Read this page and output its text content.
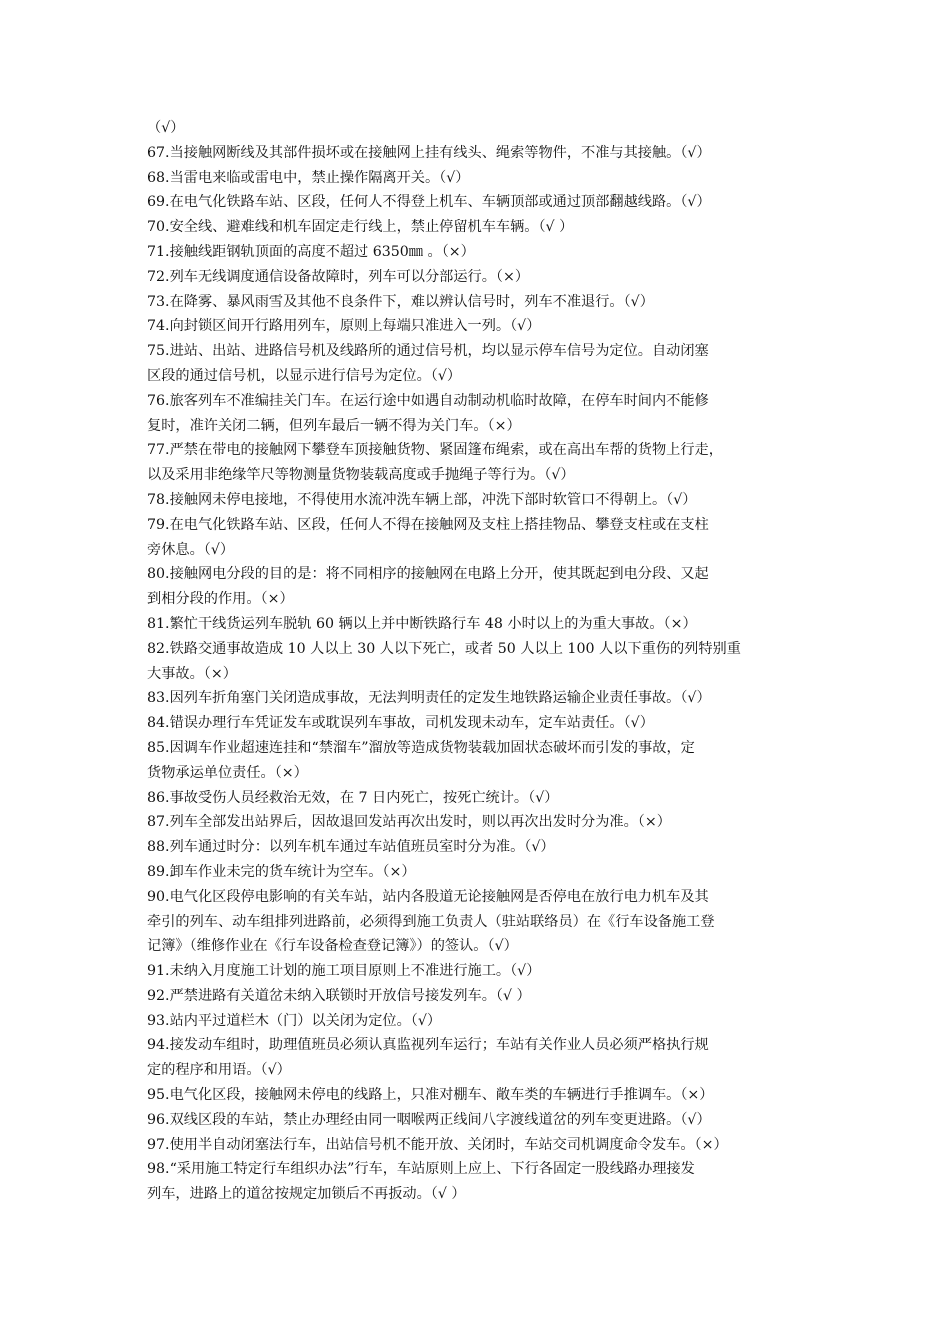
（√）
67.当接触网断线及其部件损坏或在接触网上挂有线头、绳索等物件，不准与其接触。（√）
68.当雷电来临或雷电中，禁止操作隔离开关。（√）
69.在电气化铁路车站、区段，任何人不得登上机车、车辆顶部或通过顶部翻越线路。（√）
70.安全线、避难线和机车固定走行线上，禁止停留机车车辆。（√ ）
71.接触线距钢轨顶面的高度不超过 6350㎜ 。（×）
72.列车无线调度通信设备故障时，列车可以分部运行。（×）
73.在降雾、暴风雨雪及其他不良条件下，难以辨认信号时，列车不准退行。（√）
74.向封锁区间开行路用列车，原则上每端只准进入一列。（√）
75.进站、出站、进路信号机及线路所的通过信号机，均以显示停车信号为定位。自动闭塞
区段的通过信号机，以显示进行信号为定位。（√）
76.旅客列车不准编挂关门车。在运行途中如遇自动制动机临时故障，在停车时间内不能修
复时，准许关闭二辆，但列车最后一辆不得为关门车。（×）
77.严禁在带电的接触网下攀登车顶接触货物、紧固篷布绳索，或在高出车帮的货物上行走，
以及采用非绝缘竿尺等物测量货物装载高度或手抛绳子等行为。（√）
78.接触网未停电接地，不得使用水流冲洗车辆上部，冲洗下部时软管口不得朝上。（√）
79.在电气化铁路车站、区段，任何人不得在接触网及支柱上搭挂物品、攀登支柱或在支柱
旁休息。（√）
80.接触网电分段的目的是：将不同相序的接触网在电路上分开，使其既起到电分段、又起
到相分段的作用。（×）
81.繁忙干线货运列车脱轨 60 辆以上并中断铁路行车 48 小时以上的为重大事故。（×）
82.铁路交通事故造成 10 人以上 30 人以下死亡，或者 50 人以上 100 人以下重伤的列特别重
大事故。（×）
83.因列车折角塞门关闭造成事故，无法判明责任的定发生地铁路运输企业责任事故。（√）
84.错误办理行车凭证发车或耽误列车事故，司机发现未动车，定车站责任。（√）
85.因调车作业超速连挂和“禁溜车”溜放等造成货物装载加固状态破坏而引发的事故，定
货物承运单位责任。（×）
86.事故受伤人员经救治无效，在 7 日内死亡，按死亡统计。（√）
87.列车全部发出站界后，因故退回发站再次出发时，则以再次出发时分为准。（×）
88.列车通过时分：以列车机车通过车站值班员室时分为准。（√）
89.卸车作业未完的货车统计为空车。（×）
90.电气化区段停电影响的有关车站，站内各股道无论接触网是否停电在放行电力机车及其
牵引的列车、动车组排列进路前，必须得到施工负责人（驻站联络员）在《行车设备施工登
记簿》（维修作业在《行车设备检查登记簿》）的签认。（√）
91.未纳入月度施工计划的施工项目原则上不准进行施工。（√）
92.严禁进路有关道岔未纳入联锁时开放信号接发列车。（√ ）
93.站内平过道栏木（门）以关闭为定位。（√）
94.接发动车组时，助理值班员必须认真监视列车运行；车站有关作业人员必须严格执行规
定的程序和用语。（√）
95.电气化区段，接触网未停电的线路上，只准对棚车、敞车类的车辆进行手推调车。（×）
96.双线区段的车站，禁止办理经由同一咽喉两正线间八字渡线道岔的列车变更进路。（√）
97.使用半自动闭塞法行车，出站信号机不能开放、关闭时，车站交司机调度命令发车。（×）
98.“采用施工特定行车组织办法”行车，车站原则上应上、下行各固定一股线路办理接发
列车，进路上的道岔按规定加锁后不再扳动。（√ ）
